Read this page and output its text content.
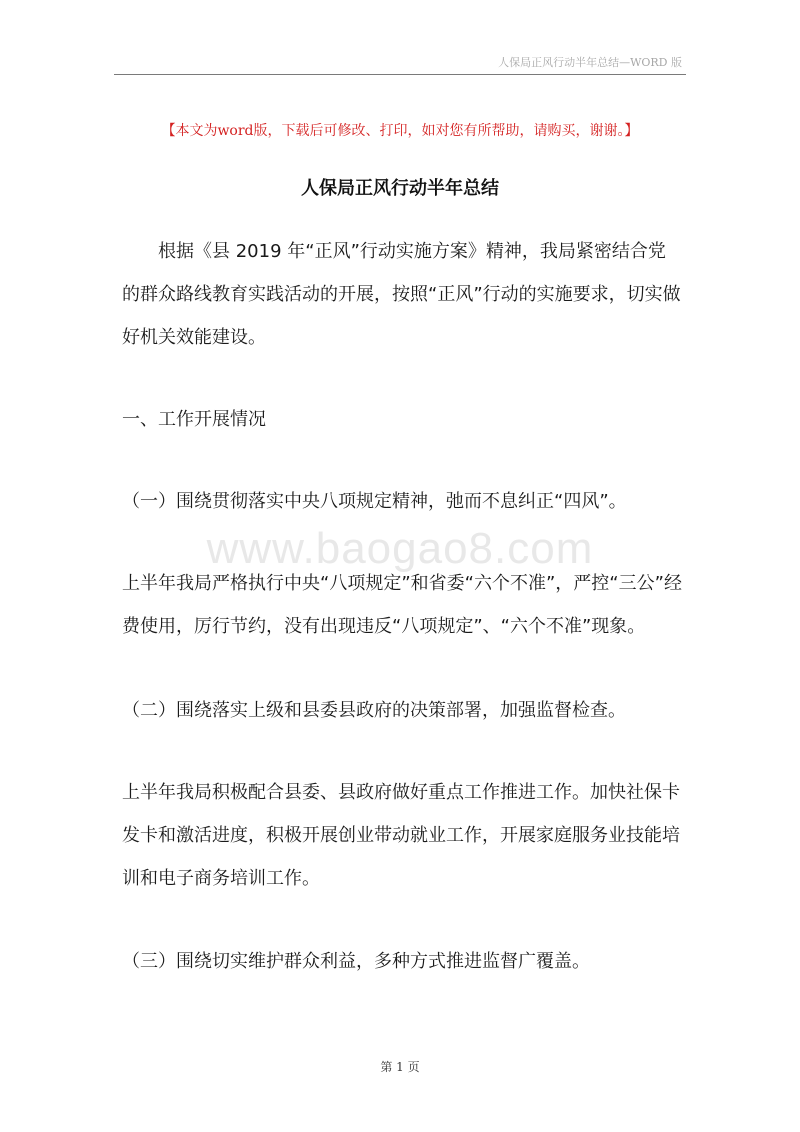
人保局正风行动半年总结—WORD 版
【本文为word版，下载后可修改、打印，如对您有所帮助，请购买，谢谢。】
人保局正风行动半年总结

根据《县 2019 年“正风”行动实施方案》精神，我局紧密结合党的群众路线教育实践活动的开展，按照“正风”行动的实施要求，切实做好机关效能建设。

一、工作开展情况

（一）围绕贯彻落实中央八项规定精神，弛而不息纠正“四风”。

www.baogao8.com

上半年我局严格执行中央“八项规定”和省委“六个不准”，严控“三公”经费使用，厉行节约，没有出现违反“八项规定”、“六个不准”现象。

（二）围绕落实上级和县委县政府的决策部署，加强监督检查。

上半年我局积极配合县委、县政府做好重点工作推进工作。加快社保卡发卡和激活进度，积极开展创业带动就业工作，开展家庭服务业技能培训和电子商务培训工作。

（三）围绕切实维护群众利益，多种方式推进监督广覆盖。

第 1 页
